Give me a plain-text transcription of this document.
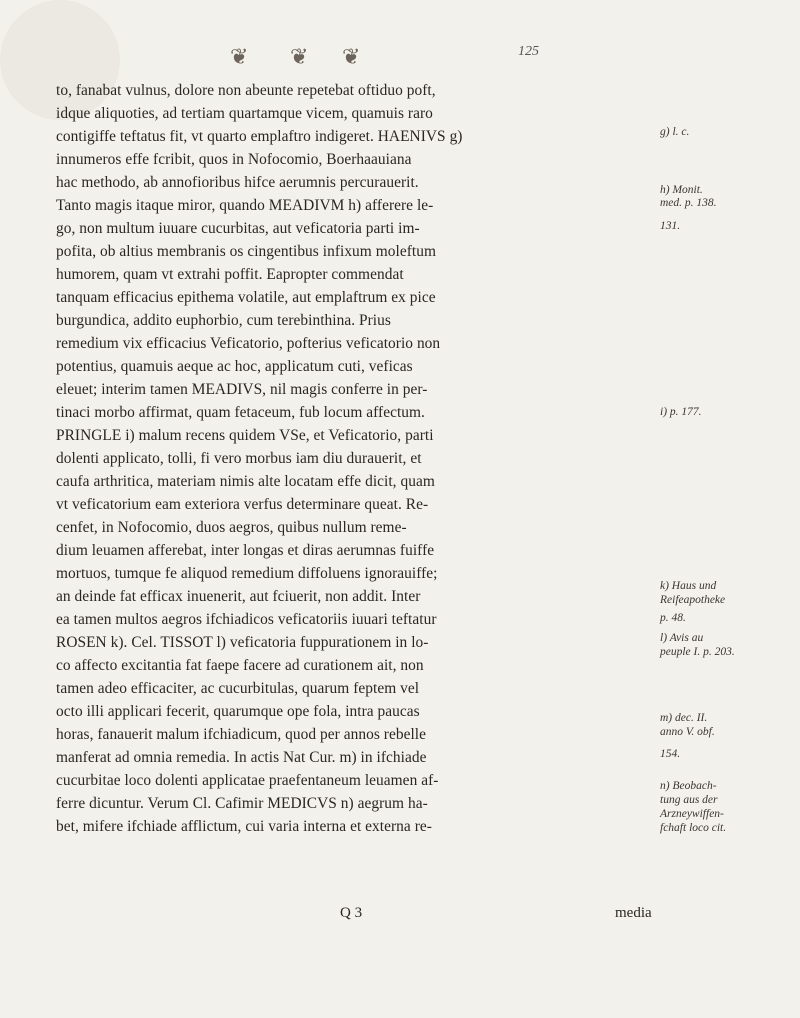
❦ ❦ ❦	125
to, fanabat vulnus, dolore non abeunte repetebat oftiduo poft,
idque aliquoties, ad tertiam quartamque vicem, quamuis raro
contigiffe teftatus fit, vt quarto emplaftro indigeret. HAENIVS g)
innumeros effe fcribit, quos in Nofocomio, Boerhaauiana
hac methodo, ab annofioribus hifce aerumnis percurauerit.
Tanto magis itaque miror, quando MEADIVM h) afferere le-
go, non multum iuuare cucurbitas, aut veficatoria parti im-
pofita, ob altius membranis os cingentibus infixum moleftum
humorem, quam vt extrahi poffit. Eapropter commendat
tanquam efficacius epithema volatile, aut emplaftrum ex pice
burgundica, addito euphorbio, cum terebinthina. Prius
remedium vix efficacius Veficatorio, pofterius veficatorio non
potentius, quamuis aeque ac hoc, applicatum cuti, veficas
eleuet; interim tamen MEADIVS, nil magis conferre in per-
tinaci morbo affirmat, quam fetaceum, fub locum affectum.
PRINGLE i) malum recens quidem VSe, et Veficatorio, parti
dolenti applicato, tolli, fi vero morbus iam diu durauerit, et
caufa arthritica, materiam nimis alte locatam effe dicit, quam
vt veficatorium eam exteriora verfus determinare queat. Re-
cenfet, in Nofocomio, duos aegros, quibus nullum reme-
dium leuamen afferebat, inter longas et diras aerumnas fuiffe
mortuos, tumque fe aliquod remedium diffoluens ignorauiffe;
an deinde fat efficax inuenerit, aut fciuerit, non addit. Inter
ea tamen multos aegros ifchiadicos veficatoriis iuuari teftatur
ROSEN k). Cel. TISSOT l) veficatoria fuppurationem in lo-
co affecto excitantia fat faepe facere ad curationem ait, non
tamen adeo efficaciter, ac cucurbitulas, quarum feptem vel
octo illi applicari fecerit, quarumque ope fola, intra paucas
horas, fanauerit malum ifchiadicum, quod per annos rebelle
manferat ad omnia remedia. In actis Nat Cur. m) in ifchiade
cucurbitae loco dolenti applicatae praefentaneum leuamen af-
ferre dicuntur. Verum Cl. Cafimir MEDICVS n) aegrum ha-
bet, mifere ifchiade afflictum, cui varia interna et externa re-
g) l. c.
h) Monit.
med. p. 138.
131.
i) p. 177.
k) Haus und
Reifeapotheke
p. 48.
l) Avis au
peuple I. p. 203.
m) dec. II.
anno V. obf.
154.
n) Beobach-
tung aus der
Arzneywiffen-
fchaft loco cit.
Q 3	media
